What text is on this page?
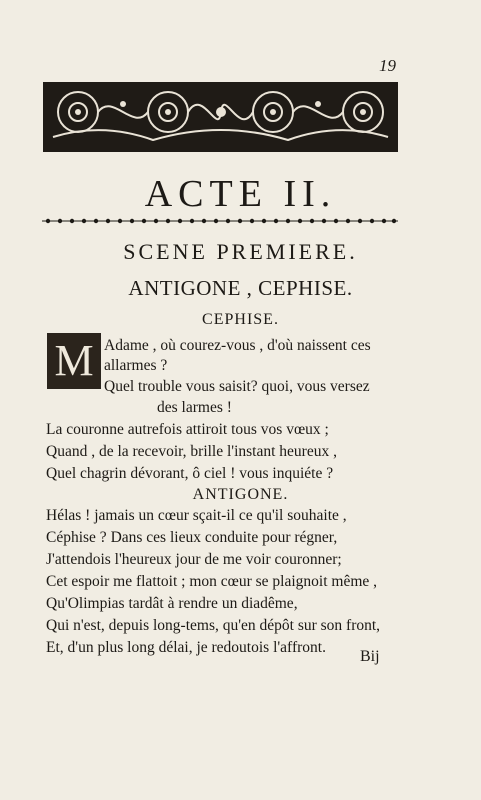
19
ACTE II.
SCENE PREMIERE.
ANTIGONE , CEPHISE.
CEPHISE.
M Adame , où courez-vous , d'où naissent ces
allarmes ?
Quel trouble vous saisit? quoi, vous versez
des larmes !
La couronne autrefois attiroit tous vos vœux ;
Quand , de la recevoir, brille l'instant heureux ,
Quel chagrin dévorant, ô ciel ! vous inquiéte ?
ANTIGONE.
Hélas ! jamais un cœur sçait-il ce qu'il souhaite ,
Céphise ? Dans ces lieux conduite pour régner,
J'attendois l'heureux jour de me voir couronner;
Cet espoir me flattoit ; mon cœur se plaignoit même ,
Qu'Olimpias tardât à rendre un diadême,
Qui n'est, depuis long-tems, qu'en dépôt sur son front,
Et, d'un plus long délai, je redoutois l'affront.
Bij
